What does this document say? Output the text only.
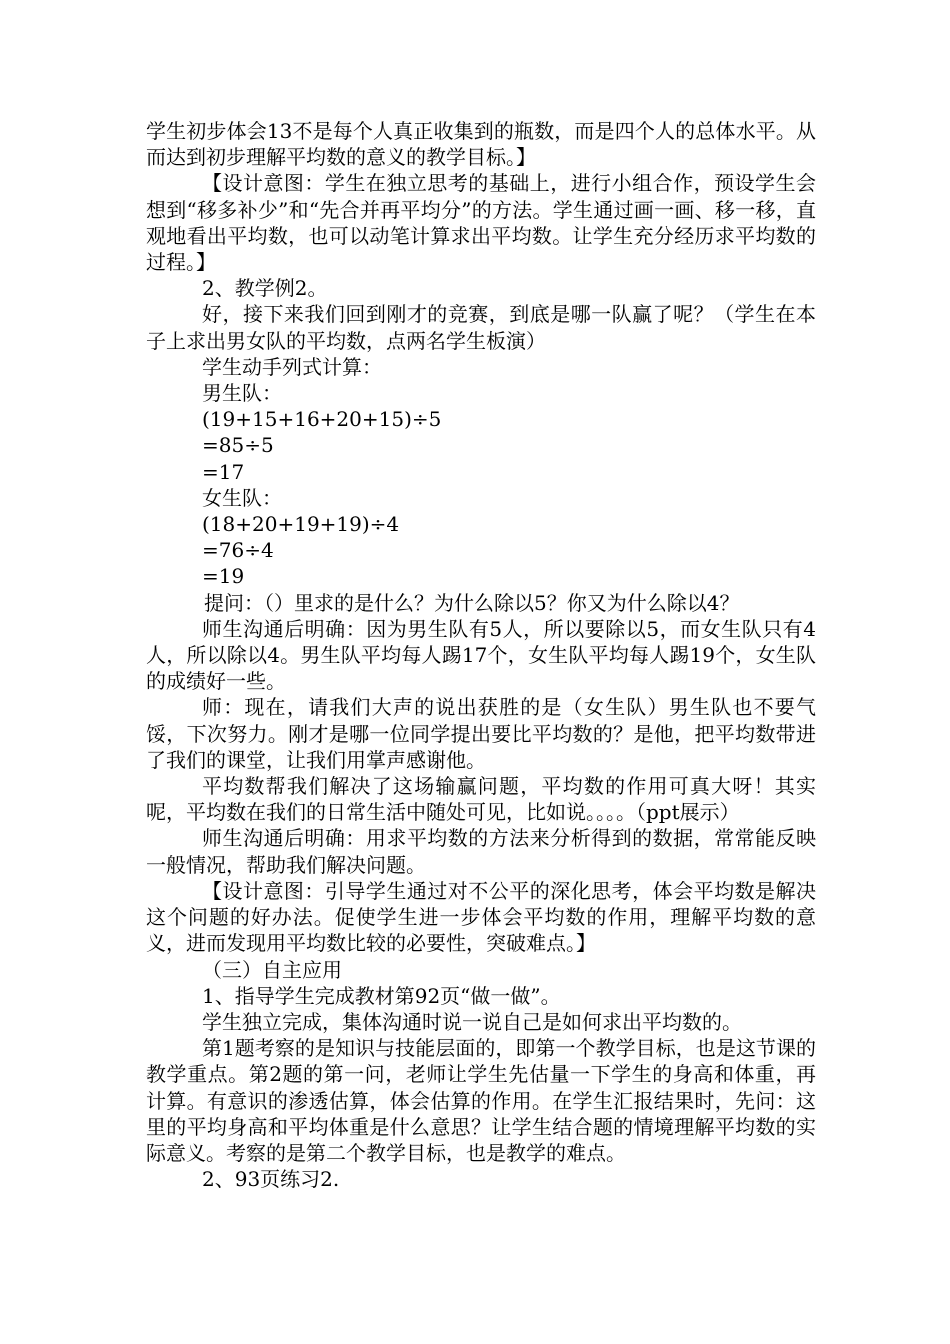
学生初步体会13不是每个人真正收集到的瓶数，而是四个人的总体水平。从而达到初步理解平均数的意义的教学目标。】

【设计意图：学生在独立思考的基础上，进行小组合作，预设学生会想到“移多补少”和“先合并再平均分”的方法。学生通过画一画、移一移，直观地看出平均数，也可以动笔计算求出平均数。让学生充分经历求平均数的过程。】

2、教学例2。

好，接下来我们回到刚才的竞赛，到底是哪一队赢了呢？（学生在本子上求出男女队的平均数，点两名学生板演）

学生动手列式计算：

男生队：

(19+15+16+20+15)÷5

=85÷5

=17

女生队：

(18+20+19+19)÷4

=76÷4

=19

提问：（）里求的是什么？为什么除以5？你又为什么除以4？

师生沟通后明确：因为男生队有5人，所以要除以5，而女生队只有4人，所以除以4。男生队平均每人踢17个，女生队平均每人踢19个，女生队的成绩好一些。

师：现在，请我们大声的说出获胜的是（女生队）男生队也不要气馁，下次努力。刚才是哪一位同学提出要比平均数的？是他，把平均数带进了我们的课堂，让我们用掌声感谢他。

平均数帮我们解决了这场输赢问题，平均数的作用可真大呀！其实呢，平均数在我们的日常生活中随处可见，比如说。。。。（ppt展示）

师生沟通后明确：用求平均数的方法来分析得到的数据，常常能反映一般情况，帮助我们解决问题。

【设计意图：引导学生通过对不公平的深化思考，体会平均数是解决这个问题的好办法。促使学生进一步体会平均数的作用，理解平均数的意义，进而发现用平均数比较的必要性，突破难点。】

（三）自主应用

1、指导学生完成教材第92页“做一做”。

学生独立完成，集体沟通时说一说自己是如何求出平均数的。

第1题考察的是知识与技能层面的，即第一个教学目标，也是这节课的教学重点。第2题的第一问，老师让学生先估量一下学生的身高和体重，再计算。有意识的渗透估算，体会估算的作用。在学生汇报结果时，先问：这里的平均身高和平均体重是什么意思？让学生结合题的情境理解平均数的实际意义。考察的是第二个教学目标，也是教学的难点。

2、93页练习2.
